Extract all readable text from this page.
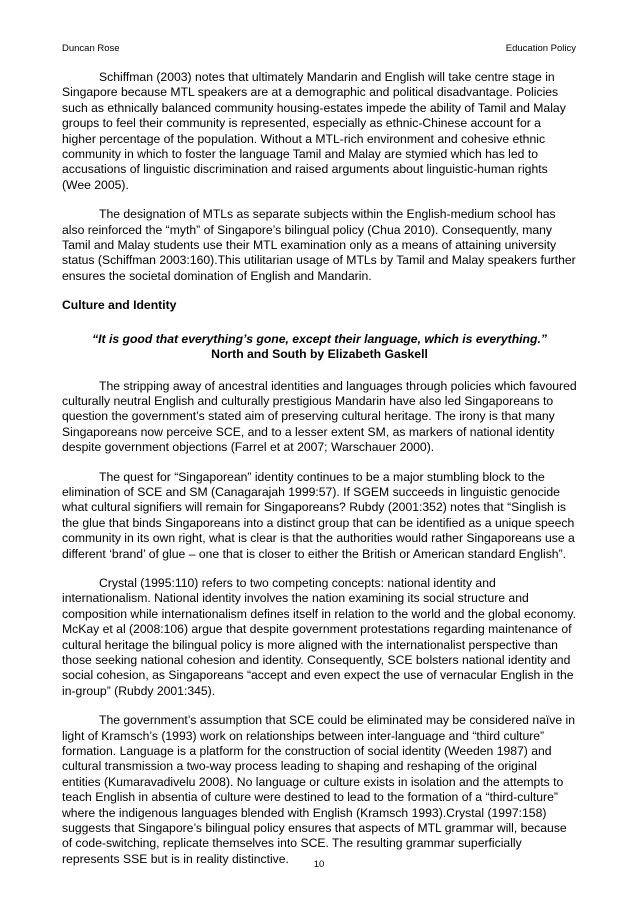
Duncan Rose	Education Policy

Schiffman (2003) notes that ultimately Mandarin and English will take centre stage in Singapore because MTL speakers are at a demographic and political disadvantage. Policies such as ethnically balanced community housing-estates impede the ability of Tamil and Malay groups to feel their community is represented, especially as ethnic-Chinese account for a higher percentage of the population. Without a MTL-rich environment and cohesive ethnic community in which to foster the language Tamil and Malay are stymied which has led to accusations of linguistic discrimination and raised arguments about linguistic-human rights (Wee 2005).

The designation of MTLs as separate subjects within the English-medium school has also reinforced the “myth” of Singapore’s bilingual policy (Chua 2010). Consequently, many Tamil and Malay students use their MTL examination only as a means of attaining university status (Schiffman 2003:160).This utilitarian usage of MTLs by Tamil and Malay speakers further ensures the societal domination of English and Mandarin.

Culture and Identity
“It is good that everything’s gone, except their language, which is everything.”
North and South by Elizabeth Gaskell

The stripping away of ancestral identities and languages through policies which favoured culturally neutral English and culturally prestigious Mandarin have also led Singaporeans to question the government’s stated aim of preserving cultural heritage. The irony is that many Singaporeans now perceive SCE, and to a lesser extent SM, as markers of national identity despite government objections (Farrel et at 2007; Warschauer 2000).

The quest for “Singaporean” identity continues to be a major stumbling block to the elimination of SCE and SM (Canagarajah 1999:57). If SGEM succeeds in linguistic genocide what cultural signifiers will remain for Singaporeans? Rubdy (2001:352) notes that “Singlish is the glue that binds Singaporeans into a distinct group that can be identified as a unique speech community in its own right, what is clear is that the authorities would rather Singaporeans use a different ‘brand’ of glue – one that is closer to either the British or American standard English”.

Crystal (1995:110) refers to two competing concepts: national identity and internationalism. National identity involves the nation examining its social structure and composition while internationalism defines itself in relation to the world and the global economy. McKay et al (2008:106) argue that despite government protestations regarding maintenance of cultural heritage the bilingual policy is more aligned with the internationalist perspective than those seeking national cohesion and identity. Consequently, SCE bolsters national identity and social cohesion, as Singaporeans “accept and even expect the use of vernacular English in the in-group” (Rubdy 2001:345).

The government’s assumption that SCE could be eliminated may be considered naïve in light of Kramsch’s (1993) work on relationships between inter-language and “third culture” formation. Language is a platform for the construction of social identity (Weeden 1987) and cultural transmission a two-way process leading to shaping and reshaping of the original entities (Kumaravadivelu 2008). No language or culture exists in isolation and the attempts to teach English in absentia of culture were destined to lead to the formation of a “third-culture” where the indigenous languages blended with English (Kramsch 1993).Crystal (1997:158) suggests that Singapore’s bilingual policy ensures that aspects of MTL grammar will, because of code-switching, replicate themselves into SCE. The resulting grammar superficially represents SSE but is in reality distinctive.	10
